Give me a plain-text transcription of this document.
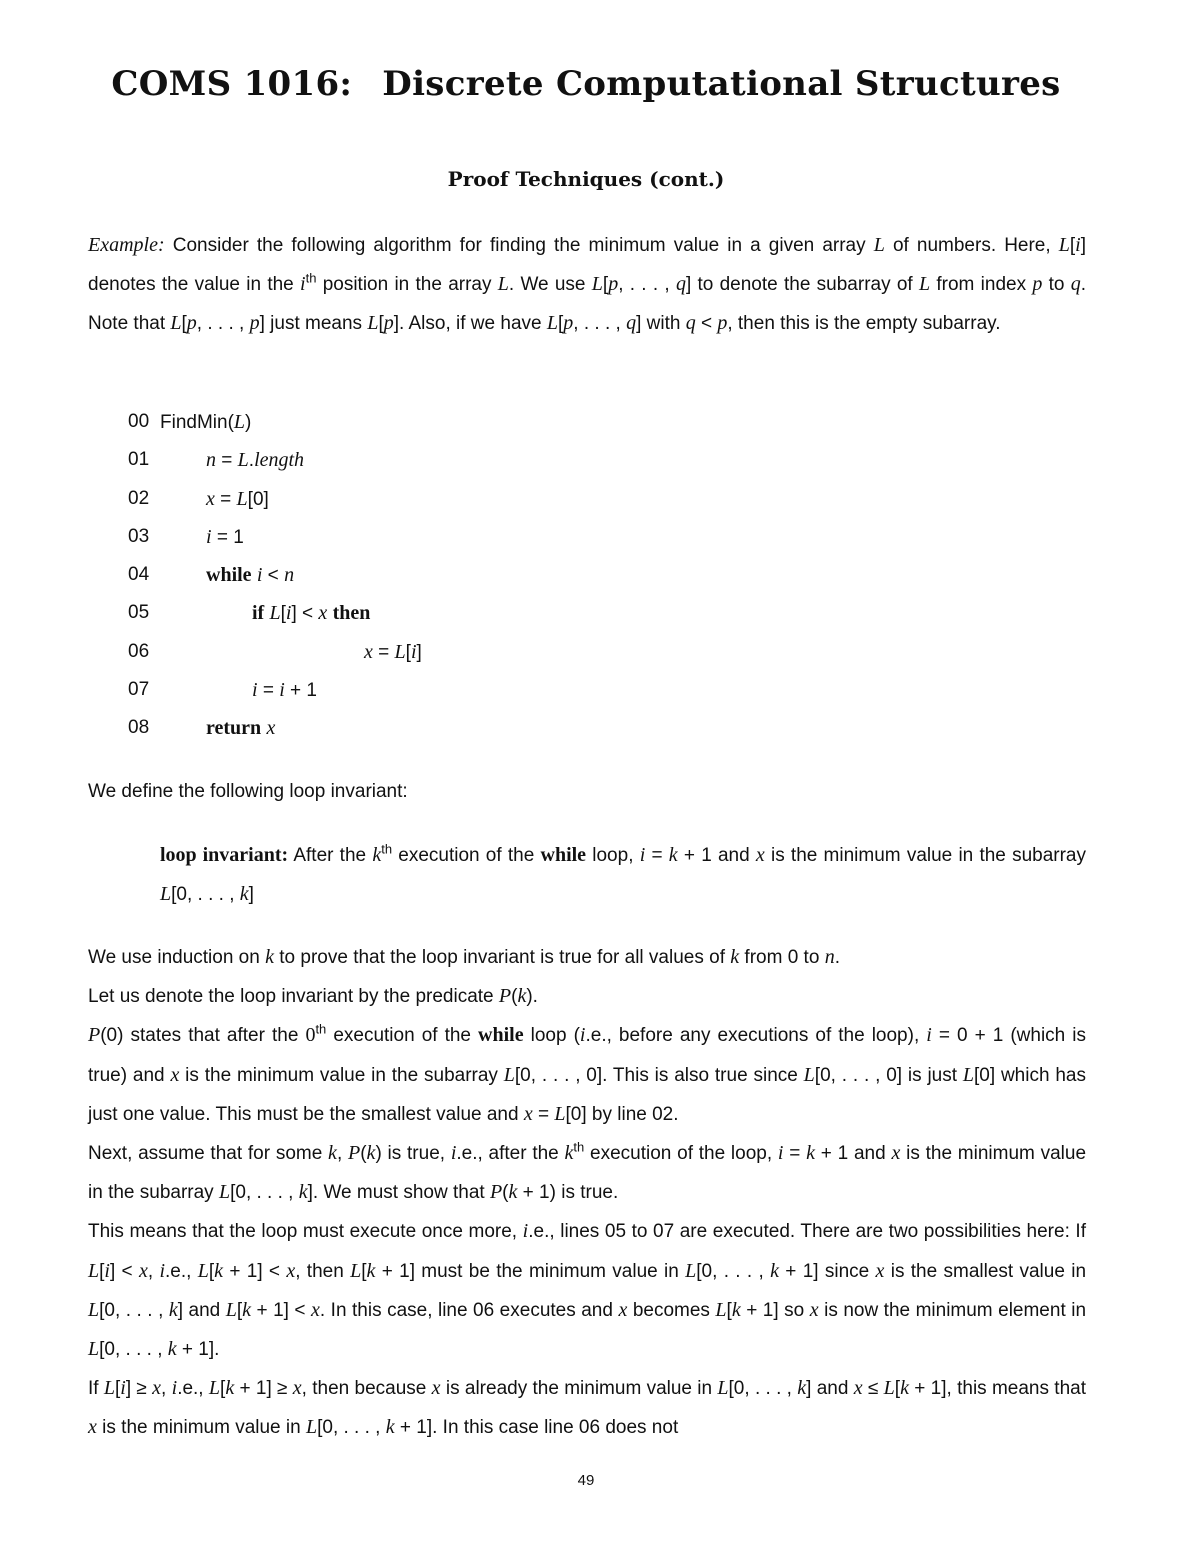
COMS 1016: Discrete Computational Structures
Proof Techniques (cont.)

Example: Consider the following algorithm for finding the minimum value in a given array L of numbers. Here, L[i] denotes the value in the $i^{th}$ position in the array L. We use L[p, . . . , q] to denote the subarray of L from index p to q. Note that L[p, . . . , p] just means L[p]. Also, if we have L[p, . . . , q] with q < p, then this is the empty subarray.

00 FindMin(L)
01	n = L.length
02	x = L[0]
03	i = 1
04	while i < n
05	if L[i] < x then
06	x = L[i]
07	i = i + 1
08	return x
We define the following loop invariant:
loop invariant: After the $k^{th}$ execution of the while loop, i = k + 1 and x is the minimum value in the subarray L[0, . . . , k]

We use induction on k to prove that the loop invariant is true for all values of k from 0 to n.

Let us denote the loop invariant by the predicate P(k).

P(0) states that after the 0th execution of the while loop (i.e., before any executions of the loop), i = 0 + 1 (which is true) and x is the minimum value in the subarray L[0, . . . , 0]. This is also true since L[0, . . . , 0] is just L[0] which has just one value. This must be the smallest value and x = L[0] by line 02.

Next, assume that for some k, P(k) is true, i.e., after the $k^{th}$ execution of the loop, i = k + 1 and x is the minimum value in the subarray L[0, . . . , k]. We must show that P(k + 1) is true.

This means that the loop must execute once more, i.e., lines 05 to 07 are executed. There are two possibilities here: If L[i] < x, i.e., L[k + 1] < x, then L[k + 1] must be the minimum value in L[0, . . . , k + 1] since x is the smallest value in L[0, . . . , k] and L[k + 1] < x. In this case, line 06 executes and x becomes L[k + 1] so x is now the minimum element in L[0, . . . , k + 1].

If L[i] ≥ x, i.e., L[k + 1] ≥ x, then because x is already the minimum value in L[0, . . . , k] and x ≤ L[k + 1], this means that x is the minimum value in L[0, . . . , k + 1]. In this case line 06 does not

49
